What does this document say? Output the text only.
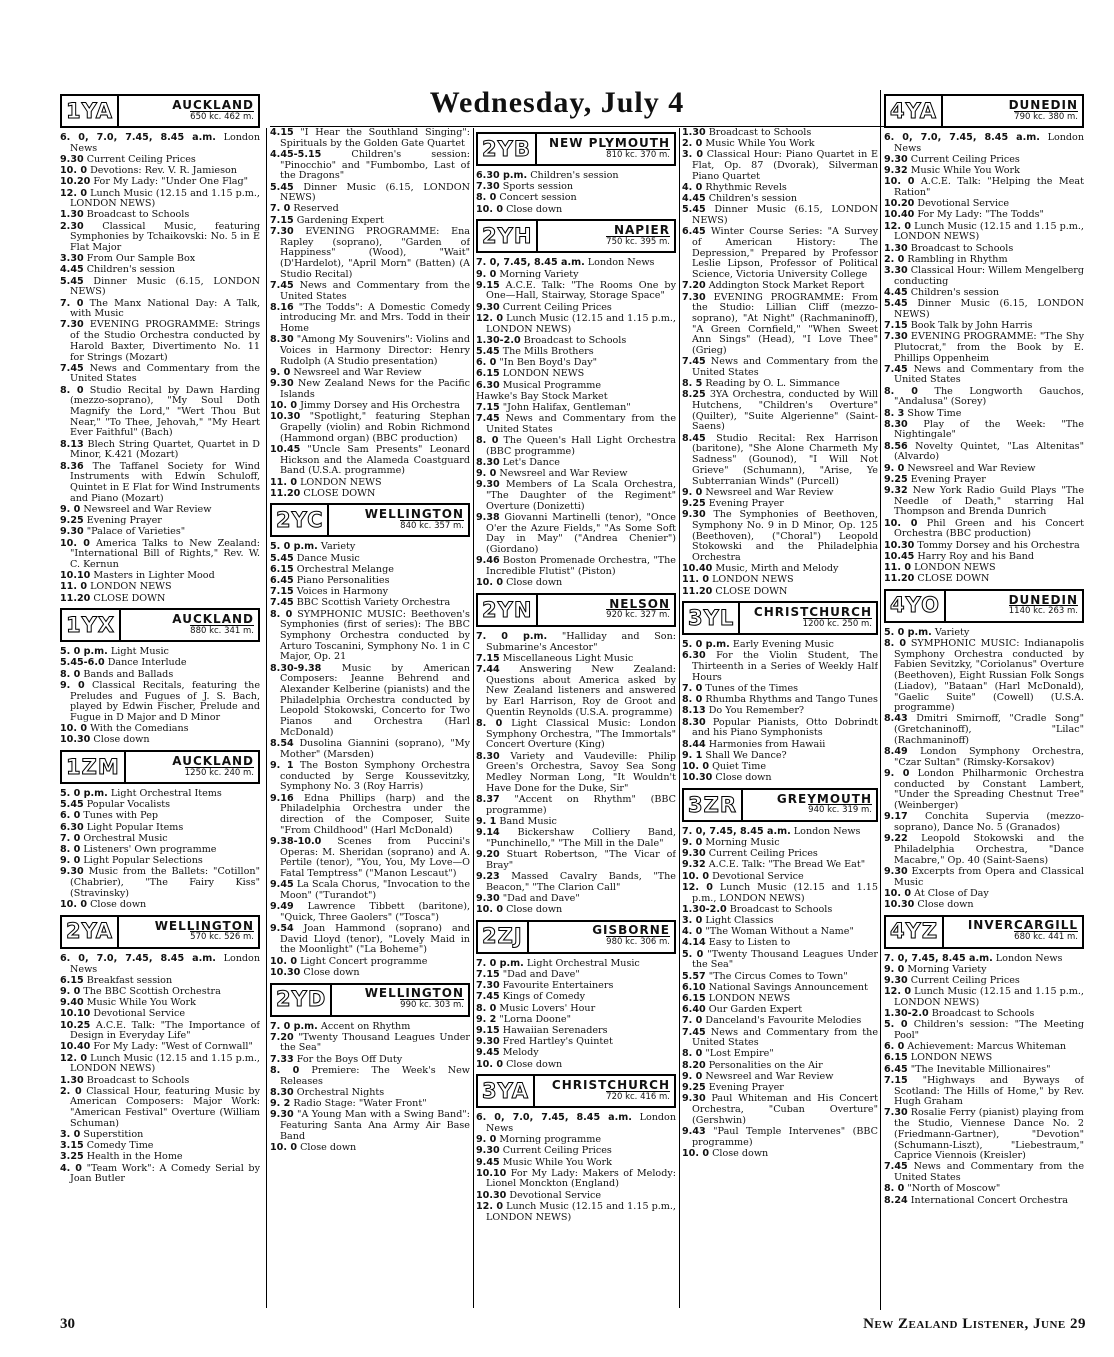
Wednesday, July 4
1YA	AUCKLAND
650 kc. 462 m.
6. 0, 7.0, 7.45, 8.45 a.m. London News
9.30 Current Ceiling Prices
10. 0 Devotions: Rev. V. R. Jamieson
10.20 For My Lady: "Under One Flag"
12. 0 Lunch Music (12.15 and 1.15 p.m., LONDON NEWS)
1.30 Broadcast to Schools
2.30 Classical Music, featuring Symphonies by Tchaikovski: No. 5 in E Flat Major
3.30 From Our Sample Box
4.45 Children's session
5.45 Dinner Music (6.15, LONDON NEWS)
7. 0 The Manx National Day: A Talk, with Music
7.30 EVENING PROGRAMME: Strings of the Studio Orchestra conducted by Harold Baxter, Divertimento No. 11 for Strings (Mozart)
7.45 News and Commentary from the United States
8. 0 Studio Recital by Dawn Harding (mezzo-soprano), "My Soul Doth Magnify the Lord," "Wert Thou But Near," "To Thee, Jehovah," "My Heart Ever Faithful" (Bach)
8.13 Blech String Quartet, Quartet in D Minor, K.421 (Mozart)
8.36 The Taffanel Society for Wind Instruments with Edwin Schuloff, Quintet in E Flat for Wind Instruments and Piano (Mozart)
9. 0 Newsreel and War Review
9.25 Evening Prayer
9.30 "Palace of Varieties"
10. 0 America Talks to New Zealand: "International Bill of Rights," Rev. W. C. Kernun
10.10 Masters in Lighter Mood
11. 0 LONDON NEWS
11.20 CLOSE DOWN
1YX	AUCKLAND
880 kc. 341 m.
5. 0 p.m. Light Music
5.45-6.0 Dance Interlude
8. 0 Bands and Ballads
9. 0 Classical Recitals, featuring the Preludes and Fugues of J. S. Bach, played by Edwin Fischer, Prelude and Fugue in D Major and D Minor
10. 0 With the Comedians
10.30 Close down
1ZM	AUCKLAND
1250 kc. 240 m.
5. 0 p.m. Light Orchestral Items
5.45 Popular Vocalists
6. 0 Tunes with Pep
6.30 Light Popular Items
7. 0 Orchestral Music
8. 0 Listeners' Own programme
9. 0 Light Popular Selections
9.30 Music from the Ballets: "Cotillon" (Chabrier), "The Fairy Kiss" (Stravinsky)
10. 0 Close down
2YA	WELLINGTON
570 kc. 526 m.
6. 0, 7.0, 7.45, 8.45 a.m. London News
6.15 Breakfast session
9. 0 The BBC Scottish Orchestra
9.40 Music While You Work
10.10 Devotional Service
10.25 A.C.E. Talk: "The Importance of Design in Everyday Life"
10.40 For My Lady: "West of Cornwall"
12. 0 Lunch Music (12.15 and 1.15 p.m., LONDON NEWS)
1.30 Broadcast to Schools
2. 0 Classical Hour, featuring Music by American Composers: Major Work: "American Festival" Overture (William Schuman)
3. 0 Superstition
3.15 Comedy Time
3.25 Health in the Home
4. 0 "Team Work": A Comedy Serial by Joan Butler
4.15 "I Hear the Southland Singing": Spirituals by the Golden Gate Quartet
4.45-5.15 Children's session: "Pinocchio" and "Fumbombo, Last of the Dragons"
5.45 Dinner Music (6.15, LONDON NEWS)
7. 0 Reserved
7.15 Gardening Expert
7.30 EVENING PROGRAMME: Ena Rapley (soprano), "Garden of Happiness" (Wood), "Wait" (D'Hardelot), "April Morn" (Batten) (A Studio Recital)
7.45 News and Commentary from the United States
8.16 "The Todds": A Domestic Comedy introducing Mr. and Mrs. Todd in their Home
8.30 "Among My Souvenirs": Violins and Voices in Harmony Director: Henry Rudolph (A Studio presentation)
9. 0 Newsreel and War Review
9.30 New Zealand News for the Pacific Islands
10. 0 Jimmy Dorsey and His Orchestra
10.30 "Spotlight," featuring Stephan Grapelly (violin) and Robin Richmond (Hammond organ) (BBC production)
10.45 "Uncle Sam Presents" Leonard Hickson and the Alameda Coastguard Band (U.S.A. programme)
11. 0 LONDON NEWS
11.20 CLOSE DOWN
2YC	WELLINGTON
840 kc. 357 m.
5. 0 p.m. Variety
5.45 Dance Music
6.15 Orchestral Melange
6.45 Piano Personalities
7.15 Voices in Harmony
7.45 BBC Scottish Variety Orchestra
8. 0 SYMPHONIC MUSIC: Beethoven's Symphonies (first of series): The BBC Symphony Orchestra conducted by Arturo Toscanini, Symphony No. 1 in C Major, Op. 21
8.30-9.38 Music by American Composers: Jeanne Behrend and Alexander Kelberine (pianists) and the Philadelphia Orchestra conducted by Leopold Stokowski, Concerto for Two Pianos and Orchestra (Harl McDonald)
8.54 Dusolina Giannini (soprano), "My Mother" (Marsden)
9. 1 The Boston Symphony Orchestra conducted by Serge Koussevitzky, Symphony No. 3 (Roy Harris)
9.16 Edna Phillips (harp) and the Philadelphia Orchestra under the direction of the Composer, Suite "From Childhood" (Harl McDonald)
9.38-10.0 Scenes from Puccini's Operas: M. Sheridan (soprano) and A. Pertile (tenor), "You, You, My Love—O Fatal Temptress" ("Manon Lescaut")
9.45 La Scala Chorus, "Invocation to the Moon" ("Turandot")
9.49 Lawrence Tibbett (baritone), "Quick, Three Gaolers" ("Tosca")
9.54 Joan Hammond (soprano) and David Lloyd (tenor), "Lovely Maid in the Moonlight" ("La Boheme")
10. 0 Light Concert programme
10.30 Close down
2YD	WELLINGTON
990 kc. 303 m.
7. 0 p.m. Accent on Rhythm
7.20 "Twenty Thousand Leagues Under the Sea"
7.33 For the Boys Off Duty
8. 0 Premiere: The Week's New Releases
8.30 Orchestral Nights
9. 2 Radio Stage: "Water Front"
9.30 "A Young Man with a Swing Band": Featuring Santa Ana Army Air Base Band
10. 0 Close down
2YB	NEW PLYMOUTH
810 kc. 370 m.
6.30 p.m. Children's session
7.30 Sports session
8. 0 Concert session
10. 0 Close down
2YH	NAPIER
750 kc. 395 m.
7. 0, 7.45, 8.45 a.m. London News
9. 0 Morning Variety
9.15 A.C.E. Talk: "The Rooms One by One—Hall, Stairway, Storage Space"
9.30 Current Ceiling Prices
12. 0 Lunch Music (12.15 and 1.15 p.m., LONDON NEWS)
1.30-2.0 Broadcast to Schools
5.45 The Mills Brothers
6. 0 "In Ben Boyd's Day"
6.15 LONDON NEWS
6.30 Musical Programme
Hawke's Bay Stock Market
7.15 "John Halifax, Gentleman"
7.45 News and Commentary from the United States
8. 0 The Queen's Hall Light Orchestra (BBC programme)
8.30 Let's Dance
9. 0 Newsreel and War Review
9.30 Members of La Scala Orchestra, "The Daughter of the Regiment" Overture (Donizetti)
9.38 Giovanni Martinelli (tenor), "Once O'er the Azure Fields," "As Some Soft Day in May" ("Andrea Chenier") (Giordano)
9.46 Boston Promenade Orchestra, "The Incredible Flutist" (Piston)
10. 0 Close down
2YN	NELSON
920 kc. 327 m.
7. 0 p.m. "Halliday and Son: Submarine's Ancestor"
7.15 Miscellaneous Light Music
7.44 Answering New Zealand: Questions about America asked by New Zealand listeners and answered by Earl Harrison, Roy de Groot and Quentin Reynolds (U.S.A. programme)
8. 0 Light Classical Music: London Symphony Orchestra, "The Immortals" Concert Overture (King)
8.30 Variety and Vaudeville: Philip Green's Orchestra, Savoy Sea Song Medley Norman Long, "It Wouldn't Have Done for the Duke, Sir"
8.37 "Accent on Rhythm" (BBC programme)
9. 1 Band Music
9.14 Bickershaw Colliery Band, "Punchinello," "The Mill in the Dale"
9.20 Stuart Robertson, "The Vicar of Bray"
9.23 Massed Cavalry Bands, "The Beacon," "The Clarion Call"
9.30 "Dad and Dave"
10. 0 Close down
2ZJ	GISBORNE
980 kc. 306 m.
7. 0 p.m. Light Orchestral Music
7.15 "Dad and Dave"
7.30 Favourite Entertainers
7.45 Kings of Comedy
8. 0 Music Lovers' Hour
9. 2 "Lorna Doone"
9.15 Hawaiian Serenaders
9.30 Fred Hartley's Quintet
9.45 Melody
10. 0 Close down
3YA	CHRISTCHURCH
720 kc. 416 m.
6. 0, 7.0, 7.45, 8.45 a.m. London News
9. 0 Morning programme
9.30 Current Ceiling Prices
9.45 Music While You Work
10.10 For My Lady: Makers of Melody: Lionel Monckton (England)
10.30 Devotional Service
12. 0 Lunch Music (12.15 and 1.15 p.m., LONDON NEWS)
1.30 Broadcast to Schools
2. 0 Music While You Work
3. 0 Classical Hour: Piano Quartet in E Flat, Op. 87 (Dvorak), Silverman Piano Quartet
4. 0 Rhythmic Revels
4.45 Children's session
5.45 Dinner Music (6.15, LONDON NEWS)
6.45 Winter Course Series: "A Survey of American History: The Depression," Prepared by Professor Leslie Lipson, Professor of Political Science, Victoria University College
7.20 Addington Stock Market Report
7.30 EVENING PROGRAMME: From the Studio: Lillian Cliff (mezzo-soprano), "At Night" (Rachmaninoff), "A Green Cornfield," "When Sweet Ann Sings" (Head), "I Love Thee" (Grieg)
7.45 News and Commentary from the United States
8. 5 Reading by O. L. Simmance
8.25 3YA Orchestra, conducted by Will Hutchens, "Children's Overture" (Quilter), "Suite Algerienne" (Saint-Saens)
8.45 Studio Recital: Rex Harrison (baritone), "She Alone Charmeth My Sadness" (Gounod), "I Will Not Grieve" (Schumann), "Arise, Ye Subterranian Winds" (Purcell)
9. 0 Newsreel and War Review
9.25 Evening Prayer
9.30 The Symphonies of Beethoven, Symphony No. 9 in D Minor, Op. 125 (Beethoven), ("Choral") Leopold Stokowski and the Philadelphia Orchestra
10.40 Music, Mirth and Melody
11. 0 LONDON NEWS
11.20 CLOSE DOWN
3YL	CHRISTCHURCH
1200 kc. 250 m.
5. 0 p.m. Early Evening Music
6.30 For the Violin Student, The Thirteenth in a Series of Weekly Half Hours
7. 0 Tunes of the Times
8. 0 Rhumba Rhythms and Tango Tunes
8.13 Do You Remember?
8.30 Popular Pianists, Otto Dobrindt and his Piano Symphonists
8.44 Harmonies from Hawaii
9. 1 Shall We Dance?
10. 0 Quiet Time
10.30 Close down
3ZR	GREYMOUTH
940 kc. 319 m.
7. 0, 7.45, 8.45 a.m. London News
9. 0 Morning Music
9.30 Current Ceiling Prices
9.32 A.C.E. Talk: "The Bread We Eat"
10. 0 Devotional Service
12. 0 Lunch Music (12.15 and 1.15 p.m., LONDON NEWS)
1.30-2.0 Broadcast to Schools
3. 0 Light Classics
4. 0 "The Woman Without a Name"
4.14 Easy to Listen to
5. 0 "Twenty Thousand Leagues Under the Sea"
5.57 "The Circus Comes to Town"
6.10 National Savings Announcement
6.15 LONDON NEWS
6.40 Our Garden Expert
7. 0 Danceland's Favourite Melodies
7.45 News and Commentary from the United States
8. 0 "Lost Empire"
8.20 Personalities on the Air
9. 0 Newsreel and War Review
9.25 Evening Prayer
9.30 Paul Whiteman and His Concert Orchestra, "Cuban Overture" (Gershwin)
9.43 "Paul Temple Intervenes" (BBC programme)
10. 0 Close down
4YA	DUNEDIN
790 kc. 380 m.
6. 0, 7.0, 7.45, 8.45 a.m. London News
9.30 Current Ceiling Prices
9.32 Music While You Work
10. 0 A.C.E. Talk: "Helping the Meat Ration"
10.20 Devotional Service
10.40 For My Lady: "The Todds"
12. 0 Lunch Music (12.15 and 1.15 p.m., LONDON NEWS)
1.30 Broadcast to Schools
2. 0 Rambling in Rhythm
3.30 Classical Hour: Willem Mengelberg conducting
4.45 Children's session
5.45 Dinner Music (6.15, LONDON NEWS)
7.15 Book Talk by John Harris
7.30 EVENING PROGRAMME: "The Shy Plutocrat," from the Book by E. Phillips Oppenheim
7.45 News and Commentary from the United States
8. 0 The Longworth Gauchos, "Andalusa" (Sorey)
8. 3 Show Time
8.30 Play of the Week: "The Nightingale"
8.56 Novelty Quintet, "Las Altenitas" (Alvardo)
9. 0 Newsreel and War Review
9.25 Evening Prayer
9.32 New York Radio Guild Plays "The Needle of Death," starring Hal Thompson and Brenda Dunrich
10. 0 Phil Green and his Concert Orchestra (BBC production)
10.30 Tommy Dorsey and his Orchestra
10.45 Harry Roy and his Band
11. 0 LONDON NEWS
11.20 CLOSE DOWN
4YO	DUNEDIN
1140 kc. 263 m.
5. 0 p.m. Variety
8. 0 SYMPHONIC MUSIC: Indianapolis Symphony Orchestra conducted by Fabien Sevitzky, "Coriolanus" Overture (Beethoven), Eight Russian Folk Songs (Liadov), "Bataan" (Harl McDonald), "Gaelic Suite" (Cowell) (U.S.A. programme)
8.43 Dmitri Smirnoff, "Cradle Song" (Gretchaninoff), "Lilac" (Rachmaninoff)
8.49 London Symphony Orchestra, "Czar Sultan" (Rimsky-Korsakov)
9. 0 London Philharmonic Orchestra conducted by Constant Lambert, "Under the Spreading Chestnut Tree" (Weinberger)
9.17 Conchita Supervia (mezzo-soprano), Dance No. 5 (Granados)
9.22 Leopold Stokowski and the Philadelphia Orchestra, "Dance Macabre," Op. 40 (Saint-Saens)
9.30 Excerpts from Opera and Classical Music
10. 0 At Close of Day
10.30 Close down
4YZ	INVERCARGILL
680 kc. 441 m.
7. 0, 7.45, 8.45 a.m. London News
9. 0 Morning Variety
9.30 Current Ceiling Prices
12. 0 Lunch Music (12.15 and 1.15 p.m., LONDON NEWS)
1.30-2.0 Broadcast to Schools
5. 0 Children's session: "The Meeting Pool"
6. 0 Achievement: Marcus Whiteman
6.15 LONDON NEWS
6.45 "The Inevitable Millionaires"
7.15 "Highways and Byways of Scotland: The Hills of Home," by Rev. Hugh Graham
7.30 Rosalie Ferry (pianist) playing from the Studio, Viennese Dance No. 2 (Friedmann-Gartner), "Devotion" (Schumann-Liszt), "Liebestraum," Caprice Viennois (Kreisler)
7.45 News and Commentary from the United States
8. 0 "North of Moscow"
8.24 International Concert Orchestra
30	New Zealand Listener, June 29
